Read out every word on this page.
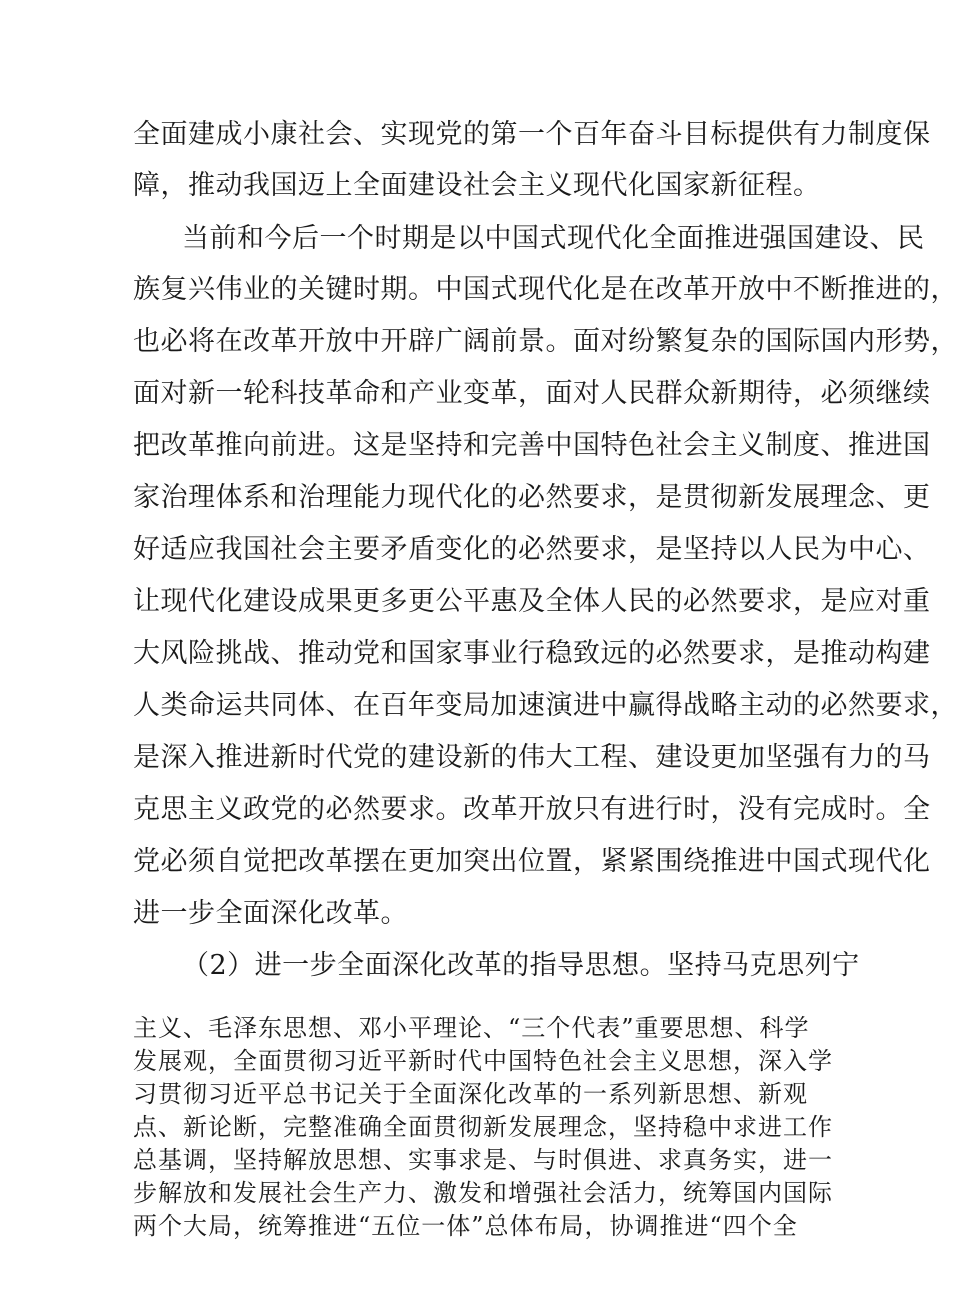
全面建成小康社会、实现党的第一个百年奋斗目标提供有力制度保
障，推动我国迈上全面建设社会主义现代化国家新征程。
当前和今后一个时期是以中国式现代化全面推进强国建设、民
族复兴伟业的关键时期。中国式现代化是在改革开放中不断推进的，
也必将在改革开放中开辟广阔前景。面对纷繁复杂的国际国内形势，
面对新一轮科技革命和产业变革，面对人民群众新期待，必须继续
把改革推向前进。这是坚持和完善中国特色社会主义制度、推进国
家治理体系和治理能力现代化的必然要求，是贯彻新发展理念、更
好适应我国社会主要矛盾变化的必然要求，是坚持以人民为中心、
让现代化建设成果更多更公平惠及全体人民的必然要求，是应对重
大风险挑战、推动党和国家事业行稳致远的必然要求，是推动构建
人类命运共同体、在百年变局加速演进中赢得战略主动的必然要求，
是深入推进新时代党的建设新的伟大工程、建设更加坚强有力的马
克思主义政党的必然要求。改革开放只有进行时，没有完成时。全
党必须自觉把改革摆在更加突出位置，紧紧围绕推进中国式现代化
进一步全面深化改革。
（2）进一步全面深化改革的指导思想。坚持马克思列宁
主义、毛泽东思想、邓小平理论、“三个代表”重要思想、科学
发展观，全面贯彻习近平新时代中国特色社会主义思想，深入学
习贯彻习近平总书记关于全面深化改革的一系列新思想、新观
点、新论断，完整准确全面贯彻新发展理念，坚持稳中求进工作
总基调，坚持解放思想、实事求是、与时俱进、求真务实，进一
步解放和发展社会生产力、激发和增强社会活力，统筹国内国际
两个大局，统筹推进“五位一体”总体布局，协调推进“四个全
